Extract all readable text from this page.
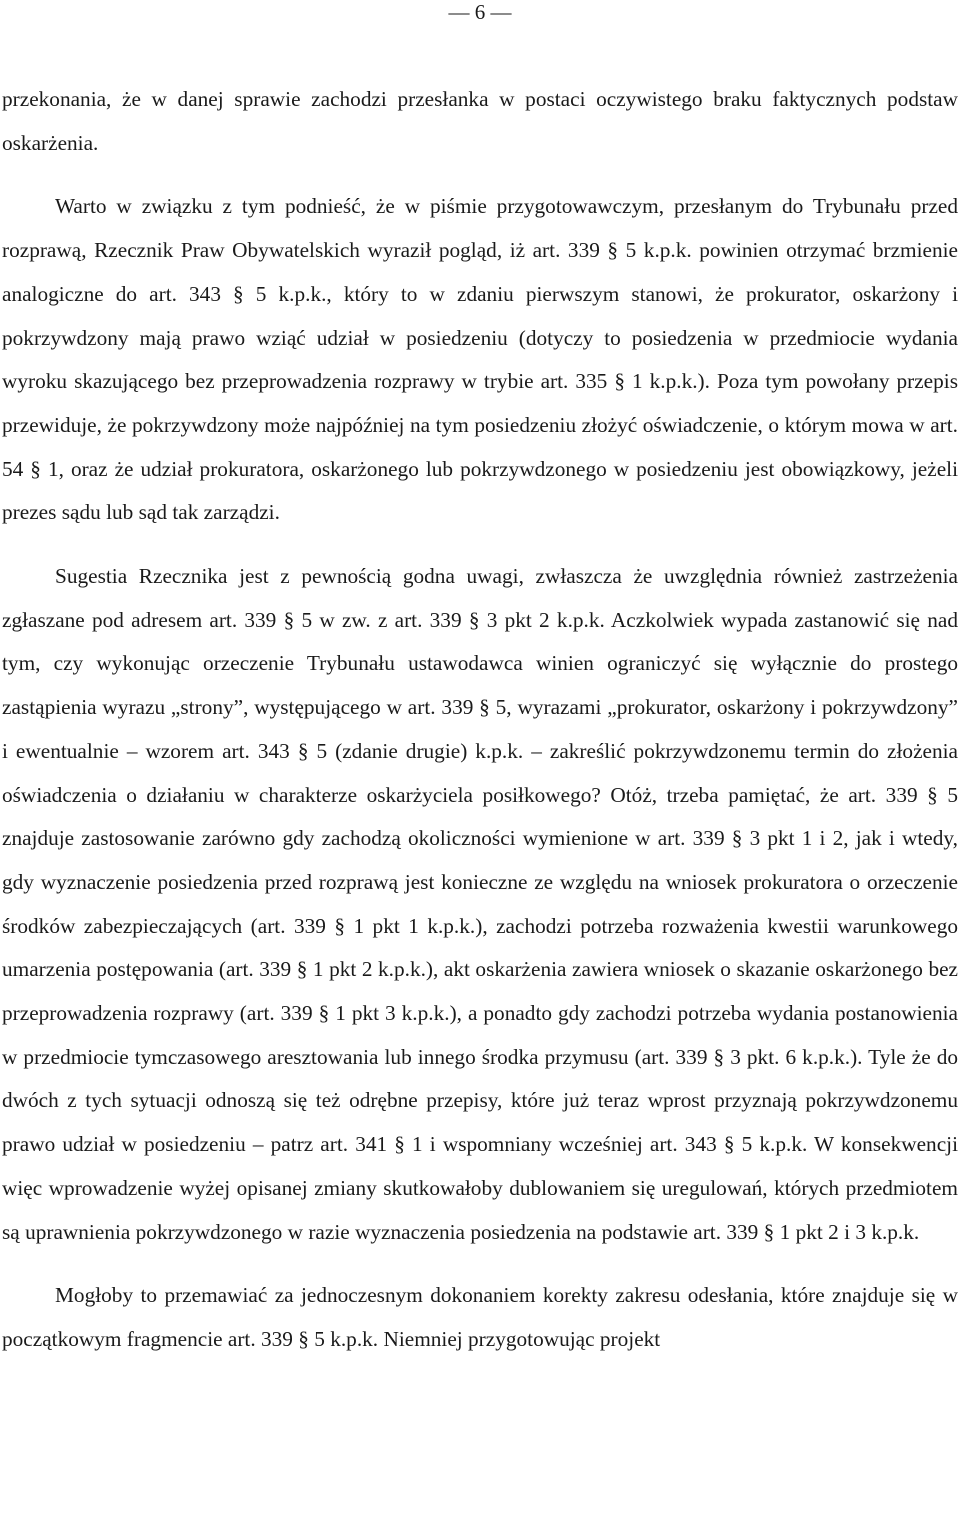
— 6 —

przekonania, że w danej sprawie zachodzi przesłanka w postaci oczywistego braku faktycznych podstaw oskarżenia.

Warto w związku z tym podnieść, że w piśmie przygotowawczym, przesłanym do Trybunału przed rozprawą, Rzecznik Praw Obywatelskich wyraził pogląd, iż art. 339 § 5 k.p.k. powinien otrzymać brzmienie analogiczne do art. 343 § 5 k.p.k., który to w zdaniu pierwszym stanowi, że prokurator, oskarżony i pokrzywdzony mają prawo wziąć udział w posiedzeniu (dotyczy to posiedzenia w przedmiocie wydania wyroku skazującego bez przeprowadzenia rozprawy w trybie art. 335 § 1 k.p.k.). Poza tym powołany przepis przewiduje, że pokrzywdzony może najpóźniej na tym posiedzeniu złożyć oświadczenie, o którym mowa w art. 54 § 1, oraz że udział prokuratora, oskarżonego lub pokrzywdzonego w posiedzeniu jest obowiązkowy, jeżeli prezes sądu lub sąd tak zarządzi.

Sugestia Rzecznika jest z pewnością godna uwagi, zwłaszcza że uwzględnia również zastrzeżenia zgłaszane pod adresem art. 339 § 5 w zw. z art. 339 § 3 pkt 2 k.p.k. Aczkolwiek wypada zastanowić się nad tym, czy wykonując orzeczenie Trybunału ustawodawca winien ograniczyć się wyłącznie do prostego zastąpienia wyrazu „strony”, występującego w art. 339 § 5, wyrazami „prokurator, oskarżony i pokrzywdzony” i ewentualnie – wzorem art. 343 § 5 (zdanie drugie) k.p.k. – zakreślić pokrzywdzonemu termin do złożenia oświadczenia o działaniu w charakterze oskarżyciela posiłkowego? Otóż, trzeba pamiętać, że art. 339 § 5 znajduje zastosowanie zarówno gdy zachodzą okoliczności wymienione w art. 339 § 3 pkt 1 i 2, jak i wtedy, gdy wyznaczenie posiedzenia przed rozprawą jest konieczne ze względu na wniosek prokuratora o orzeczenie środków zabezpieczających (art. 339 § 1 pkt 1 k.p.k.), zachodzi potrzeba rozważenia kwestii warunkowego umarzenia postępowania (art. 339 § 1 pkt 2 k.p.k.), akt oskarżenia zawiera wniosek o skazanie oskarżonego bez przeprowadzenia rozprawy (art. 339 § 1 pkt 3 k.p.k.), a ponadto gdy zachodzi potrzeba wydania postanowienia w przedmiocie tymczasowego aresztowania lub innego środka przymusu (art. 339 § 3 pkt. 6 k.p.k.). Tyle że do dwóch z tych sytuacji odnoszą się też odrębne przepisy, które już teraz wprost przyznają pokrzywdzonemu prawo udział w posiedzeniu – patrz art. 341 § 1 i wspomniany wcześniej art. 343 § 5 k.p.k. W konsekwencji więc wprowadzenie wyżej opisanej zmiany skutkowałoby dublowaniem się uregulowań, których przedmiotem są uprawnienia pokrzywdzonego w razie wyznaczenia posiedzenia na podstawie art. 339 § 1 pkt 2 i 3 k.p.k.

Mogłoby to przemawiać za jednoczesnym dokonaniem korekty zakresu odesłania, które znajduje się w początkowym fragmencie art. 339 § 5 k.p.k. Niemniej przygotowując projekt
